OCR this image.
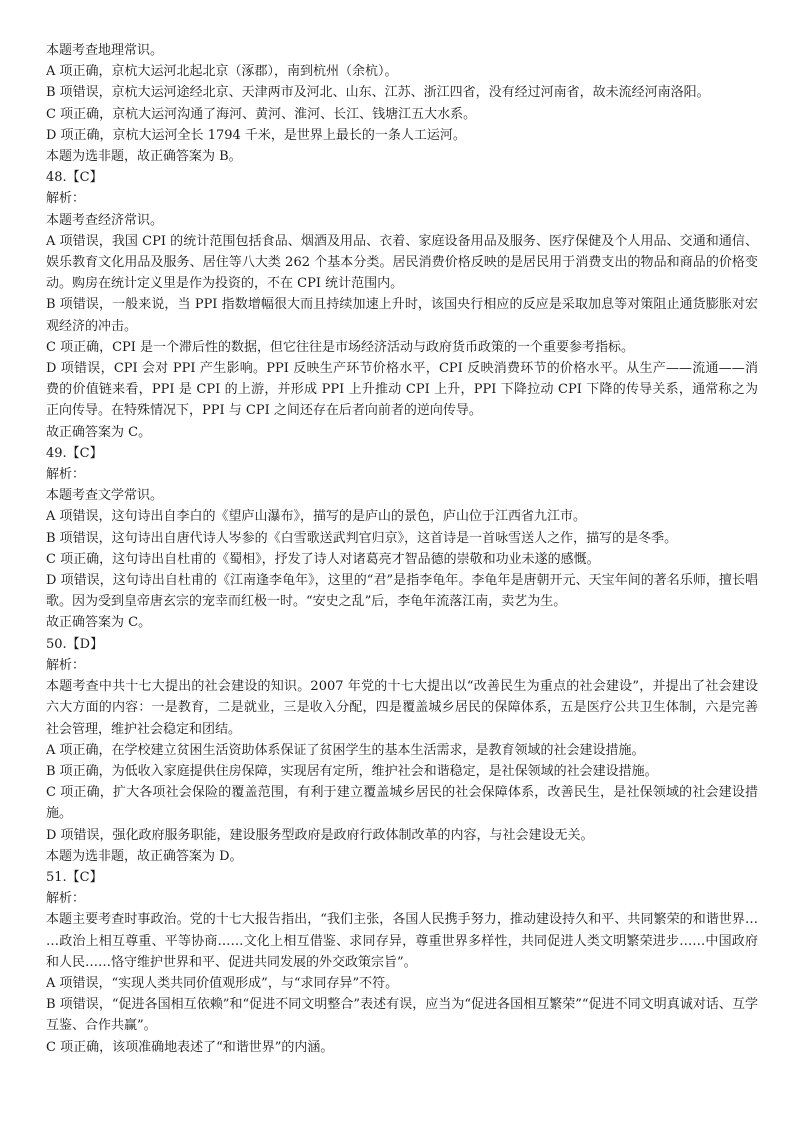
本题考查地理常识。
A 项正确，京杭大运河北起北京（涿郡），南到杭州（余杭）。
B 项错误，京杭大运河途经北京、天津两市及河北、山东、江苏、浙江四省，没有经过河南省，故未流经河南洛阳。
C 项正确，京杭大运河沟通了海河、黄河、淮河、长江、钱塘江五大水系。
D 项正确，京杭大运河全长 1794 千米，是世界上最长的一条人工运河。
本题为选非题，故正确答案为 B。
48.【C】
解析：
本题考查经济常识。
A 项错误，我国 CPI 的统计范围包括食品、烟酒及用品、衣着、家庭设备用品及服务、医疗保健及个人用品、交通和通信、娱乐教育文化用品及服务、居住等八大类 262 个基本分类。居民消费价格反映的是居民用于消费支出的物品和商品的价格变动。购房在统计定义里是作为投资的，不在 CPI 统计范围内。
B 项错误，一般来说，当 PPI 指数增幅很大而且持续加速上升时，该国央行相应的反应是采取加息等对策阻止通货膨胀对宏观经济的冲击。
C 项正确，CPI 是一个滞后性的数据，但它往往是市场经济活动与政府货币政策的一个重要参考指标。
D 项错误，CPI 会对 PPI 产生影响。PPI 反映生产环节价格水平，CPI 反映消费环节的价格水平。从生产——流通——消费的价值链来看，PPI 是 CPI 的上游，并形成 PPI 上升推动 CPI 上升，PPI 下降拉动 CPI 下降的传导关系，通常称之为正向传导。在特殊情况下，PPI 与 CPI 之间还存在后者向前者的逆向传导。
故正确答案为 C。
49.【C】
解析：
本题考查文学常识。
A 项错误，这句诗出自李白的《望庐山瀑布》，描写的是庐山的景色，庐山位于江西省九江市。
B 项错误，这句诗出自唐代诗人岑参的《白雪歌送武判官归京》，这首诗是一首咏雪送人之作，描写的是冬季。
C 项正确，这句诗出自杜甫的《蜀相》，抒发了诗人对诸葛亮才智品德的崇敬和功业未遂的感慨。
D 项错误，这句诗出自杜甫的《江南逢李龟年》，这里的“君”是指李龟年。李龟年是唐朝开元、天宝年间的著名乐师，擅长唱歌。因为受到皇帝唐玄宗的宠幸而红极一时。“安史之乱”后，李龟年流落江南，卖艺为生。
故正确答案为 C。
50.【D】
解析：
本题考查中共十七大提出的社会建设的知识。2007 年党的十七大提出以“改善民生为重点的社会建设”，并提出了社会建设六大方面的内容：一是教育，二是就业，三是收入分配，四是覆盖城乡居民的保障体系，五是医疗公共卫生体制，六是完善社会管理，维护社会稳定和团结。
A 项正确，在学校建立贫困生活资助体系保证了贫困学生的基本生活需求，是教育领域的社会建设措施。
B 项正确，为低收入家庭提供住房保障，实现居有定所，维护社会和谐稳定，是社保领域的社会建设措施。
C 项正确，扩大各项社会保险的覆盖范围，有利于建立覆盖城乡居民的社会保障体系，改善民生，是社保领域的社会建设措施。
D 项错误，强化政府服务职能，建设服务型政府是政府行政体制改革的内容，与社会建设无关。
本题为选非题，故正确答案为 D。
51.【C】
解析：
本题主要考查时事政治。党的十七大报告指出，“我们主张，各国人民携手努力，推动建设持久和平、共同繁荣的和谐世界……政治上相互尊重、平等协商……文化上相互借鉴、求同存异，尊重世界多样性，共同促进人类文明繁荣进步……中国政府和人民……恪守维护世界和平、促进共同发展的外交政策宗旨”。
A 项错误，“实现人类共同价值观形成”，与“求同存异”不符。
B 项错误，“促进各国相互依赖”和“促进不同文明整合”表述有误，应当为“促进各国相互繁荣”“促进不同文明真诚对话、互学互鉴、合作共赢”。
C 项正确，该项准确地表述了“和谐世界”的内涵。
